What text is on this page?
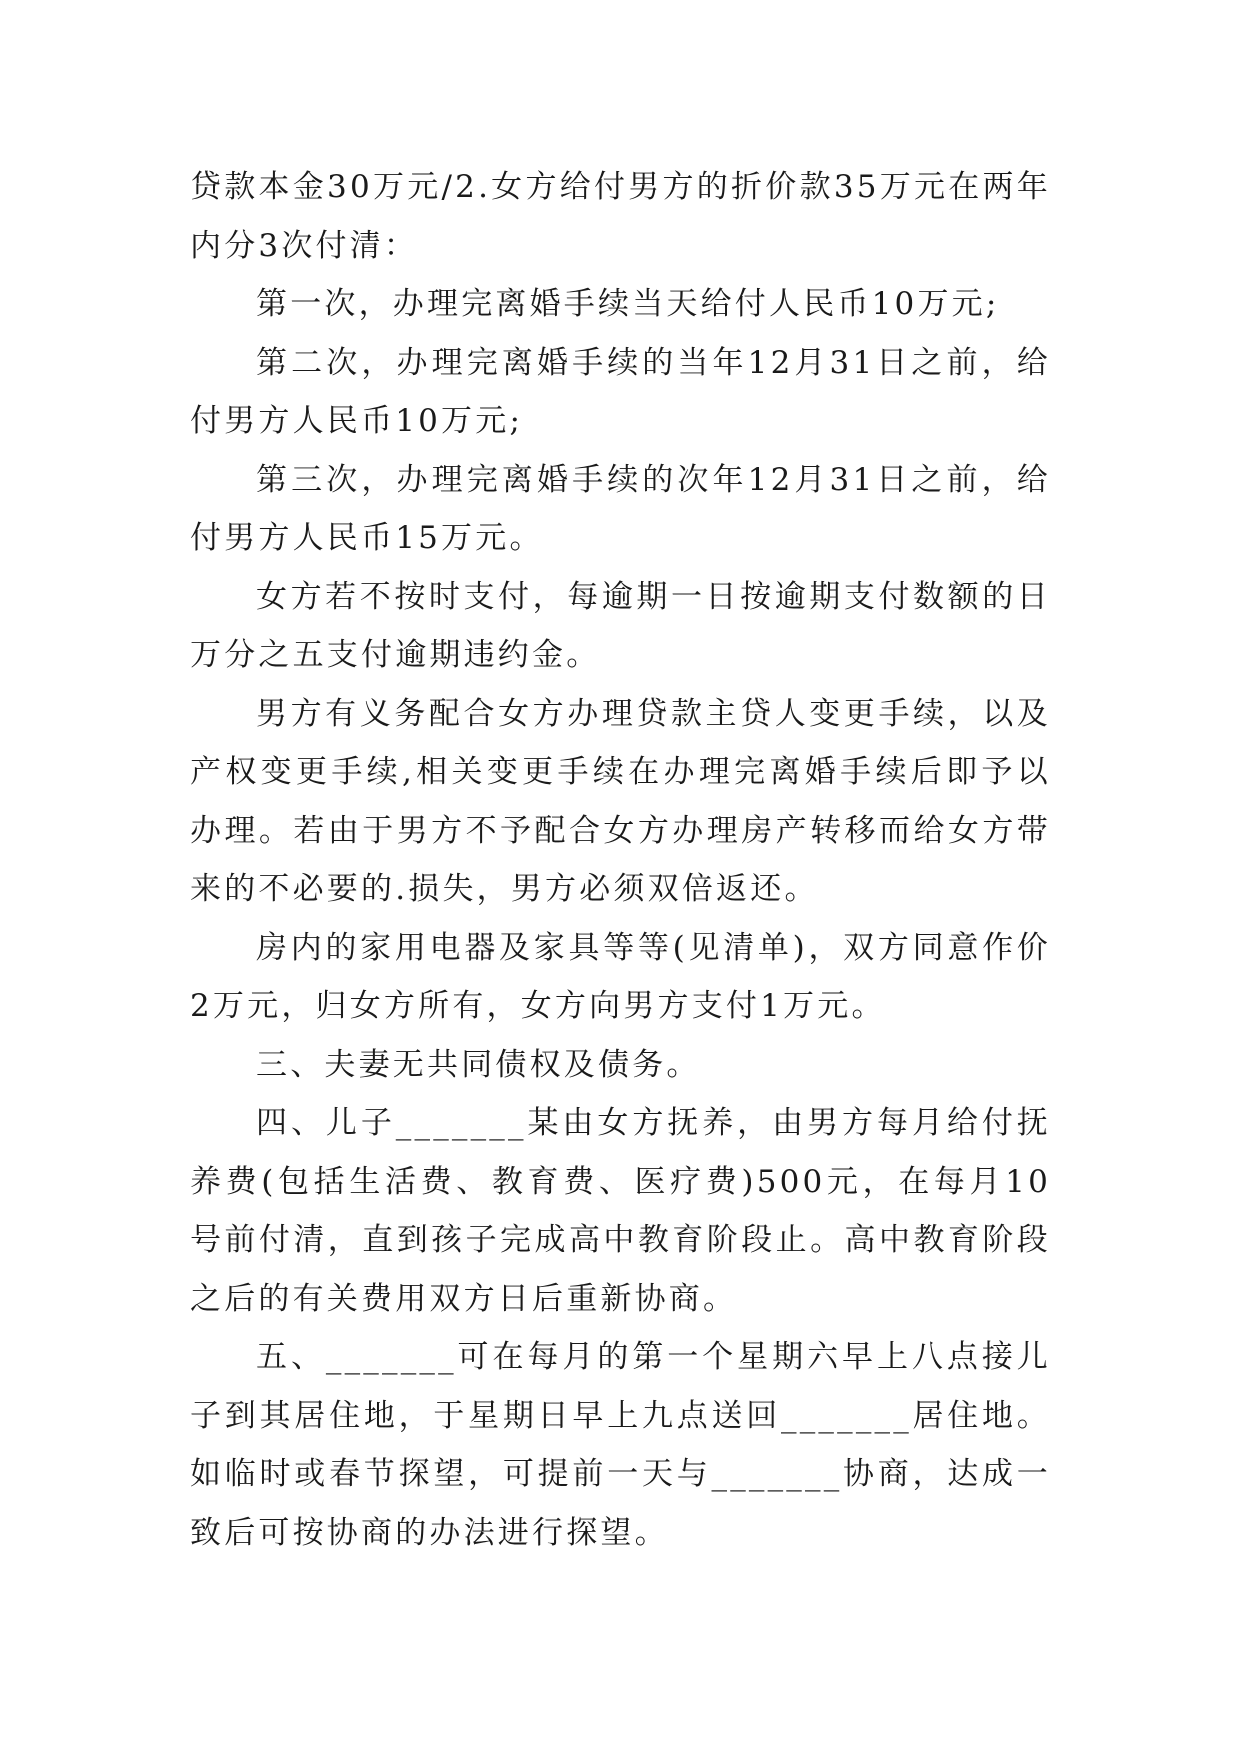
贷款本金30万元/2.女方给付男方的折价款35万元在两年内分3次付清：

第一次，办理完离婚手续当天给付人民币10万元;

第二次，办理完离婚手续的当年12月31日之前，给付男方人民币10万元;

第三次，办理完离婚手续的次年12月31日之前，给付男方人民币15万元。

女方若不按时支付，每逾期一日按逾期支付数额的日万分之五支付逾期违约金。

男方有义务配合女方办理贷款主贷人变更手续，以及产权变更手续,相关变更手续在办理完离婚手续后即予以办理。若由于男方不予配合女方办理房产转移而给女方带来的不必要的.损失，男方必须双倍返还。

房内的家用电器及家具等等(见清单)，双方同意作价2万元，归女方所有，女方向男方支付1万元。

三、夫妻无共同债权及债务。

四、儿子_______某由女方抚养，由男方每月给付抚养费(包括生活费、教育费、医疗费)500元，在每月10号前付清，直到孩子完成高中教育阶段止。高中教育阶段之后的有关费用双方日后重新协商。

五、_______可在每月的第一个星期六早上八点接儿子到其居住地，于星期日早上九点送回_______居住地。如临时或春节探望，可提前一天与_______协商，达成一致后可按协商的办法进行探望。
